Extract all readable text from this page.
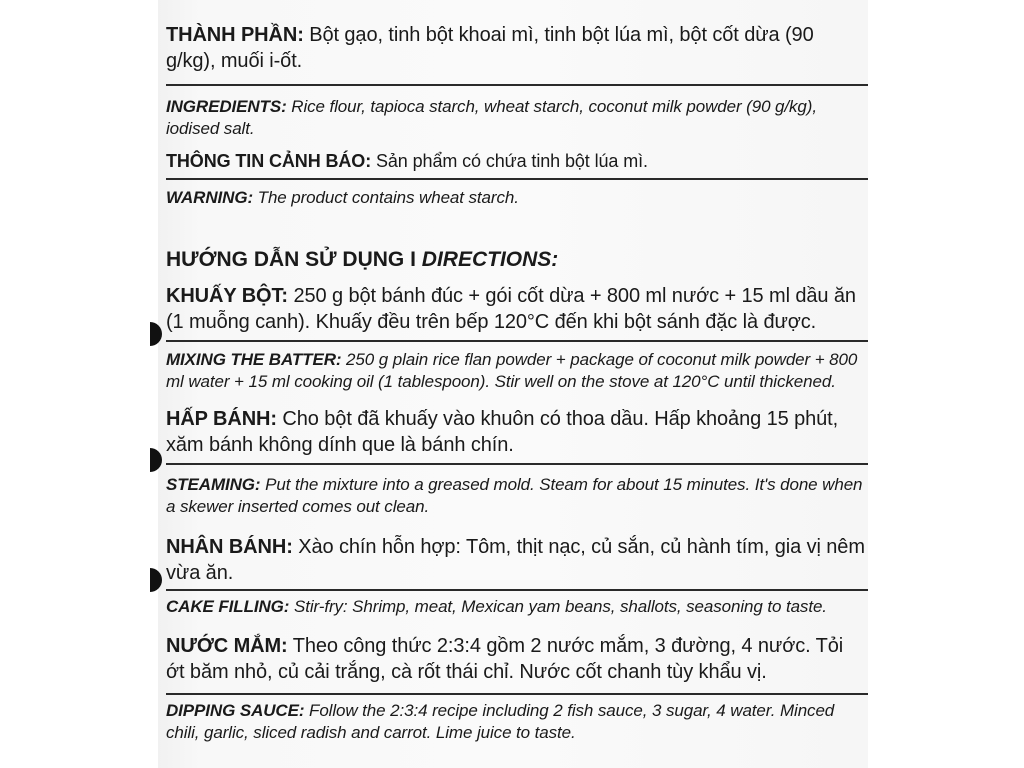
THÀNH PHẦN: Bột gạo, tinh bột khoai mì, tinh bột lúa mì, bột cốt dừa (90 g/kg), muối i-ốt.
INGREDIENTS: Rice flour, tapioca starch, wheat starch, coconut milk powder (90 g/kg), iodised salt.
THÔNG TIN CẢNH BÁO: Sản phẩm có chứa tinh bột lúa mì.
WARNING: The product contains wheat starch.
HƯỚNG DẪN SỬ DỤNG I DIRECTIONS:
KHUẤY BỘT: 250 g bột bánh đúc + gói cốt dừa + 800 ml nước + 15 ml dầu ăn (1 muỗng canh). Khuấy đều trên bếp 120°C đến khi bột sánh đặc là được.
MIXING THE BATTER: 250 g plain rice flan powder + package of coconut milk powder + 800 ml water + 15 ml cooking oil (1 tablespoon). Stir well on the stove at 120°C until thickened.
HẤP BÁNH: Cho bột đã khuấy vào khuôn có thoa dầu. Hấp khoảng 15 phút, xăm bánh không dính que là bánh chín.
STEAMING: Put the mixture into a greased mold. Steam for about 15 minutes. It's done when a skewer inserted comes out clean.
NHÂN BÁNH: Xào chín hỗn hợp: Tôm, thịt nạc, củ sắn, củ hành tím, gia vị nêm vừa ăn.
CAKE FILLING: Stir-fry: Shrimp, meat, Mexican yam beans, shallots, seasoning to taste.
NƯỚC MẮM: Theo công thức 2:3:4 gồm 2 nước mắm, 3 đường, 4 nước. Tỏi ớt băm nhỏ, củ cải trắng, cà rốt thái chỉ. Nước cốt chanh tùy khẩu vị.
DIPPING SAUCE: Follow the 2:3:4 recipe including 2 fish sauce, 3 sugar, 4 water. Minced chili, garlic, sliced radish and carrot. Lime juice to taste.
